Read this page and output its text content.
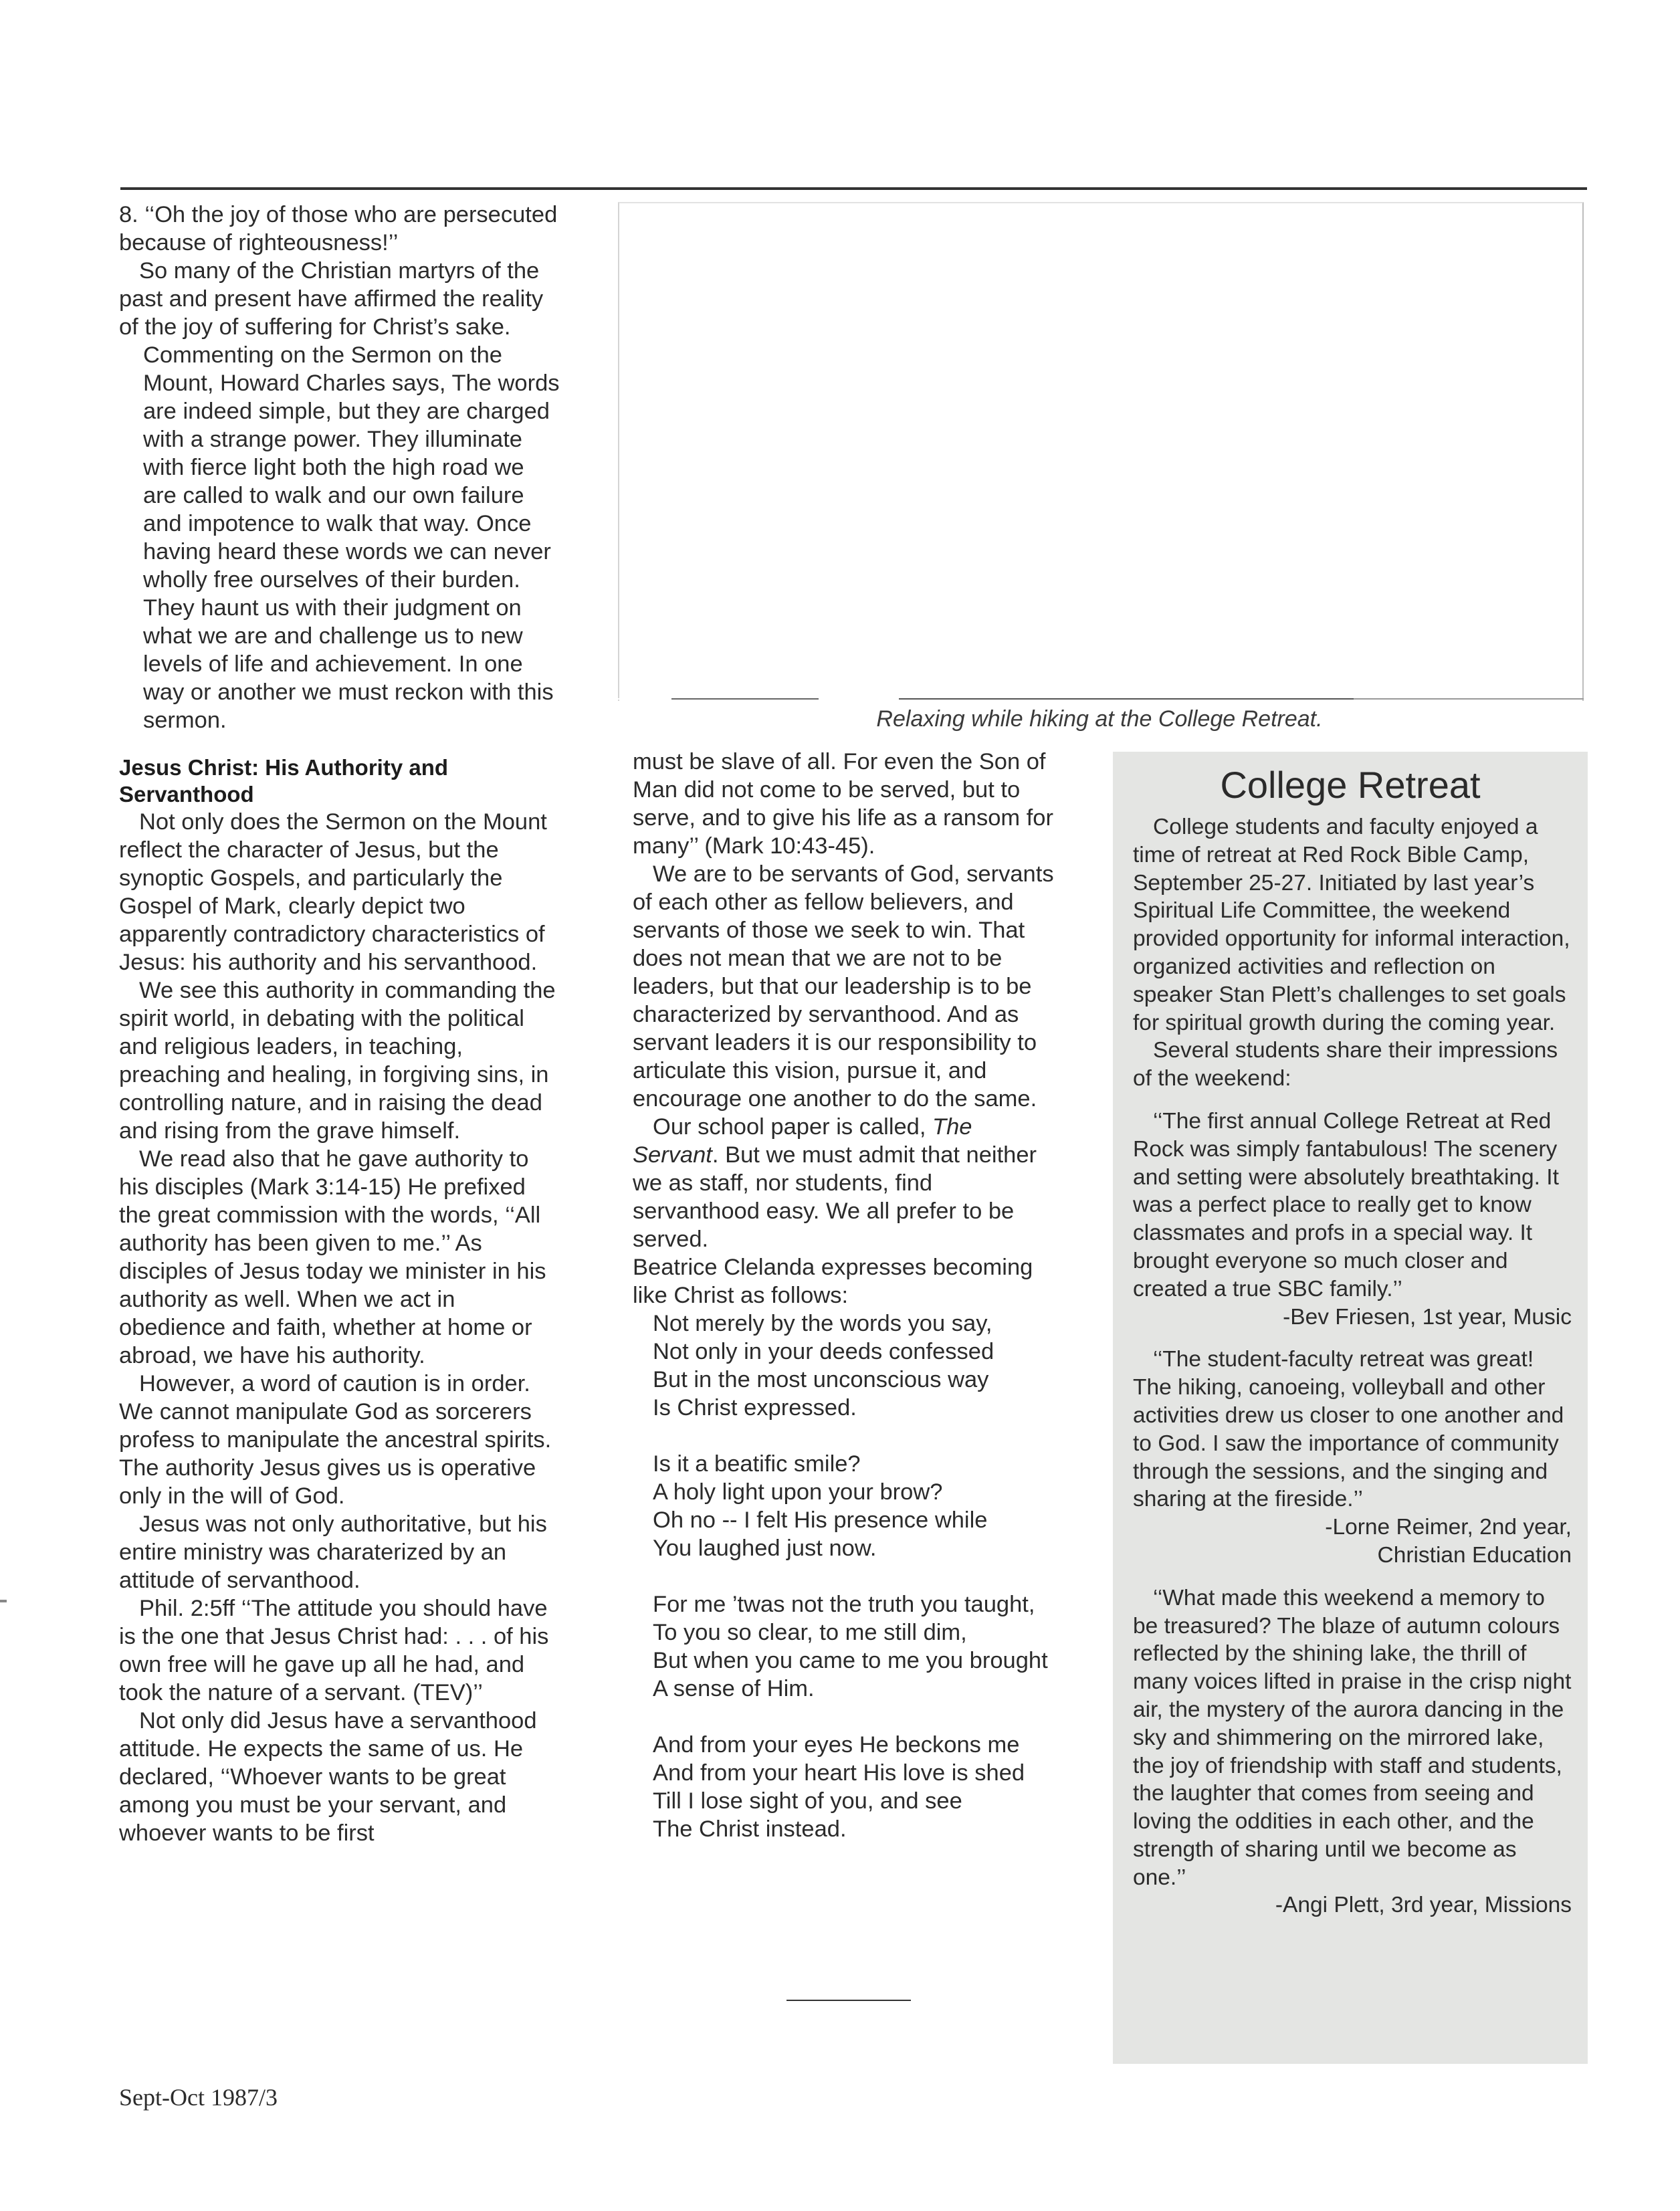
8. ‘‘Oh the joy of those who are persecuted because of righteousness!’’

So many of the Christian martyrs of the past and present have affirmed the reality of the joy of suffering for Christ’s sake.

Commenting on the Sermon on the Mount, Howard Charles says, The words are indeed simple, but they are charged with a strange power. They illuminate with fierce light both the high road we are called to walk and our own failure and impotence to walk that way. Once having heard these words we can never wholly free ourselves of their burden. They haunt us with their judgment on what we are and challenge us to new levels of life and achievement. In one way or another we must reckon with this sermon.

Jesus Christ: His Authority and Servanthood

Not only does the Sermon on the Mount reflect the character of Jesus, but the synoptic Gospels, and particularly the Gospel of Mark, clearly depict two apparently contradictory characteristics of Jesus: his authority and his servanthood.

We see this authority in commanding the spirit world, in debating with the political and religious leaders, in teaching, preaching and healing, in forgiving sins, in controlling nature, and in raising the dead and rising from the grave himself.

We read also that he gave authority to his disciples (Mark 3:14-15) He prefixed the great commission with the words, ‘‘All authority has been given to me.’’ As disciples of Jesus today we minister in his authority as well. When we act in obedience and faith, whether at home or abroad, we have his authority.

However, a word of caution is in order. We cannot manipulate God as sorcerers profess to manipulate the ancestral spirits. The authority Jesus gives us is operative only in the will of God.

Jesus was not only authoritative, but his entire ministry was charaterized by an attitude of servanthood.

Phil. 2:5ff ‘‘The attitude you should have is the one that Jesus Christ had: . . . of his own free will he gave up all he had, and took the nature of a servant. (TEV)’’

Not only did Jesus have a servanthood attitude. He expects the same of us. He declared, ‘‘Whoever wants to be great among you must be your servant, and whoever wants to be first

Relaxing while hiking at the College Retreat.

must be slave of all. For even the Son of Man did not come to be served, but to serve, and to give his life as a ransom for many’’ (Mark 10:43-45).

We are to be servants of God, servants of each other as fellow believers, and servants of those we seek to win. That does not mean that we are not to be leaders, but that our leadership is to be characterized by servanthood. And as servant leaders it is our responsibility to articulate this vision, pursue it, and encourage one another to do the same.

Our school paper is called, The Servant. But we must admit that neither we as staff, nor students, find servanthood easy. We all prefer to be served.

Beatrice Clelanda expresses becoming like Christ as follows:

Not merely by the words you say,
Not only in your deeds confessed
But in the most unconscious way
Is Christ expressed.
Is it a beatific smile?
A holy light upon your brow?
Oh no -- I felt His presence while
You laughed just now.
For me ’twas not the truth you taught,
To you so clear, to me still dim,
But when you came to me you brought
A sense of Him.
And from your eyes He beckons me
And from your heart His love is shed
Till I lose sight of you, and see
The Christ instead.
College Retreat

College students and faculty enjoyed a time of retreat at Red Rock Bible Camp, September 25-27. Initiated by last year’s Spiritual Life Committee, the weekend provided opportunity for informal interaction, organized activities and reflection on speaker Stan Plett’s challenges to set goals for spiritual growth during the coming year.

Several students share their impressions of the weekend:

‘‘The first annual College Retreat at Red Rock was simply fantabulous! The scenery and setting were absolutely breathtaking. It was a perfect place to really get to know classmates and profs in a special way. It brought everyone so much closer and created a true SBC family.’’

-Bev Friesen, 1st year, Music

‘‘The student-faculty retreat was great! The hiking, canoeing, volleyball and other activities drew us closer to one another and to God. I saw the importance of community through the sessions, and the singing and sharing at the fireside.’’

-Lorne Reimer, 2nd year,

Christian Education

‘‘What made this weekend a memory to be treasured? The blaze of autumn colours reflected by the shining lake, the thrill of many voices lifted in praise in the crisp night air, the mystery of the aurora dancing in the sky and shimmering on the mirrored lake, the joy of friendship with staff and students, the laughter that comes from seeing and loving the oddities in each other, and the strength of sharing until we become as one.’’

-Angi Plett, 3rd year, Missions

Sept-Oct 1987/3
